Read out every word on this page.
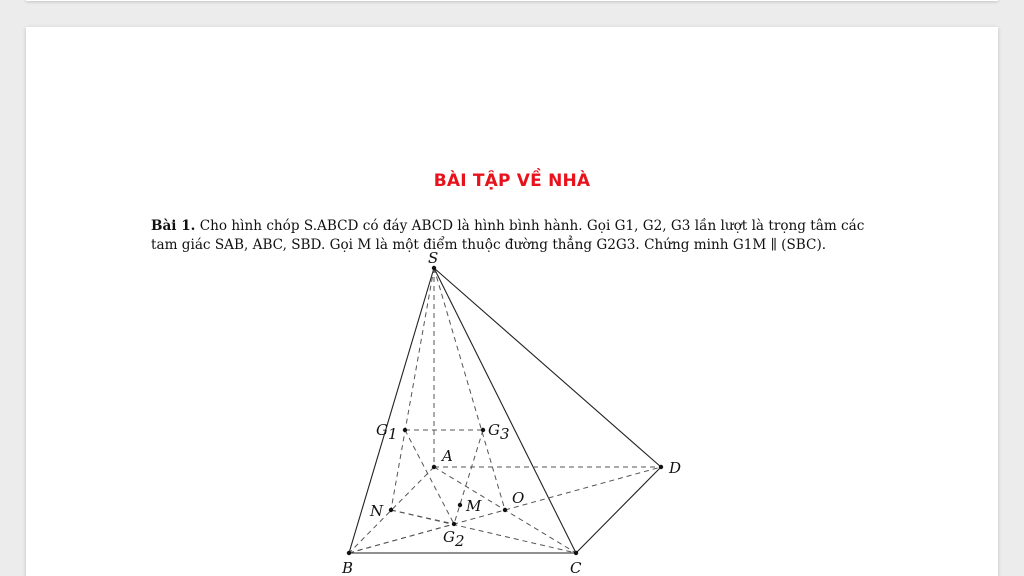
BÀI TẬP VỀ NHÀ
Bài 1. Cho hình chóp S.ABCD có đáy ABCD là hình bình hành. Gọi G1, G2, G3 lần lượt là trọng tâm các tam giác SAB, ABC, SBD. Gọi M là một điểm thuộc đường thẳng G2G3. Chứng minh G1M ∥ (SBC).
S
A
B	C
D
N	M O
G1	G3
G2
